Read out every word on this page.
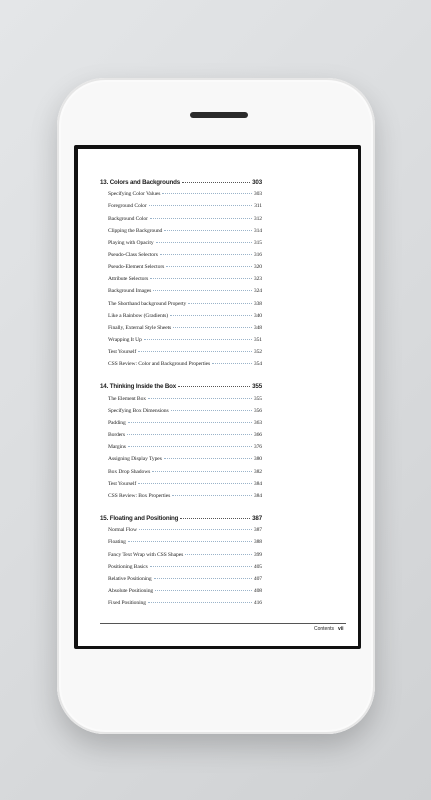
13. Colors and Backgrounds	303
Specifying Color Values	303
Foreground Color	311
Background Color	312
Clipping the Background	314
Playing with Opacity	315
Pseudo-Class Selectors	316
Pseudo-Element Selectors	320
Attribute Selectors	323
Background Images	324
The Shorthand background Property	338
Like a Rainbow (Gradients)	340
Finally, External Style Sheets	348
Wrapping It Up	351
Test Yourself	352
CSS Review: Color and Background Properties	354
14. Thinking Inside the Box	355
The Element Box	355
Specifying Box Dimensions	356
Padding	363
Borders	366
Margins	376
Assigning Display Types	380
Box Drop Shadows	382
Test Yourself	384
CSS Review: Box Properties	384
15. Floating and Positioning	387
Normal Flow	387
Floating	388
Fancy Text Wrap with CSS Shapes	399
Positioning Basics	405
Relative Positioning	407
Absolute Positioning	408
Fixed Positioning	416
Contents vii
